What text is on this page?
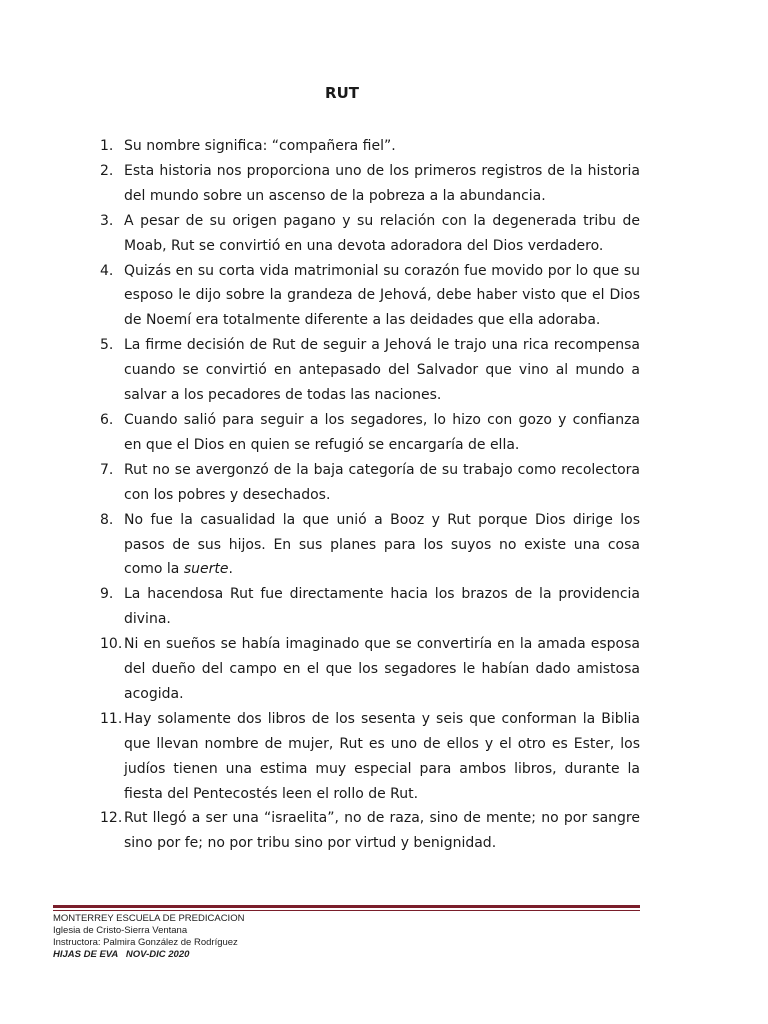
RUT
1. Su nombre significa: “compañera fiel”.
2. Esta historia nos proporciona uno de los primeros registros de la historia del mundo sobre un ascenso de la pobreza a la abundancia.
3. A pesar de su origen pagano y su relación con la degenerada tribu de Moab, Rut se convirtió en una devota adoradora del Dios verdadero.
4. Quizás en su corta vida matrimonial su corazón fue movido por lo que su esposo le dijo sobre la grandeza de Jehová, debe haber visto que el Dios de Noemí era totalmente diferente a las deidades que ella adoraba.
5. La firme decisión de Rut de seguir a Jehová le trajo una rica recompensa cuando se convirtió en antepasado del Salvador que vino al mundo a salvar a los pecadores de todas las naciones.
6. Cuando salió para seguir a los segadores, lo hizo con gozo y confianza en que el Dios en quien se refugió se encargaría de ella.
7. Rut no se avergonzó de la baja categoría de su trabajo como recolectora con los pobres y desechados.
8. No fue la casualidad la que unió a Booz y Rut porque Dios dirige los pasos de sus hijos. En sus planes para los suyos no existe una cosa como la suerte.
9. La hacendosa Rut fue directamente hacia los brazos de la providencia divina.
10. Ni en sueños se había imaginado que se convertiría en la amada esposa del dueño del campo en el que los segadores le habían dado amistosa acogida.
11. Hay solamente dos libros de los sesenta y seis que conforman la Biblia que llevan nombre de mujer, Rut es uno de ellos y el otro es Ester, los judíos tienen una estima muy especial para ambos libros, durante la fiesta del Pentecostés leen el rollo de Rut.
12. Rut llegó a ser una “israelita”, no de raza, sino de mente; no por sangre sino por fe; no por tribu sino por virtud y benignidad.
MONTERREY ESCUELA DE PREDICACION
Iglesia de Cristo-Sierra Ventana
Instructora: Palmira González de Rodríguez
HIJAS DE EVA   NOV-DIC 2020
